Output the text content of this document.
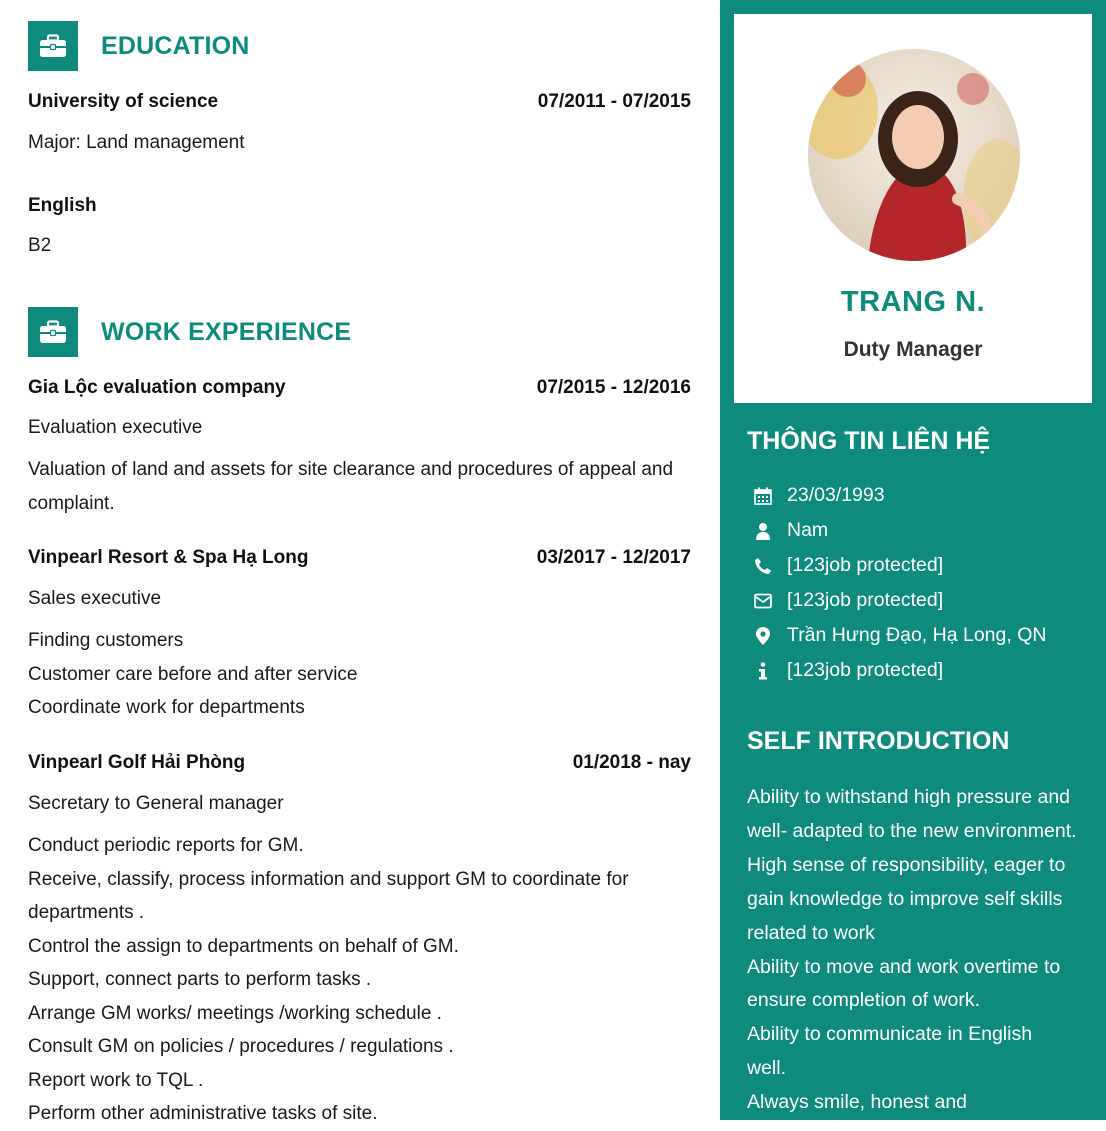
EDUCATION
University of science	07/2011 - 07/2015
Major: Land management
English
B2
WORK EXPERIENCE
Gia Lộc evaluation company	07/2015 - 12/2016
Evaluation executive
Valuation of land and assets for site clearance and procedures of appeal and complaint.
Vinpearl Resort & Spa Hạ Long	03/2017 - 12/2017
Sales executive
Finding customers
Customer care before and after service
Coordinate work for departments
Vinpearl Golf Hải Phòng	01/2018 - nay
Secretary to General manager
Conduct periodic reports for GM.
Receive, classify, process information and support GM to coordinate for departments .
Control the assign to departments on behalf of GM.
Support, connect parts to perform tasks .
Arrange GM works/ meetings /working schedule .
Consult GM on policies / procedures / regulations .
Report work to TQL .
Perform other administrative tasks of site.
TRANG N.
Duty Manager
THÔNG TIN LIÊN HỆ
23/03/1993
Nam
[123job protected]
[123job protected]
Trần Hưng Đạo, Hạ Long, QN
[123job protected]
SELF INTRODUCTION
Ability to withstand high pressure and
well- adapted to the new environment.
High sense of responsibility, eager to
gain knowledge to improve self skills
related to work
Ability to move and work overtime to
ensure completion of work.
Ability to communicate in English
well.
Always smile, honest and
